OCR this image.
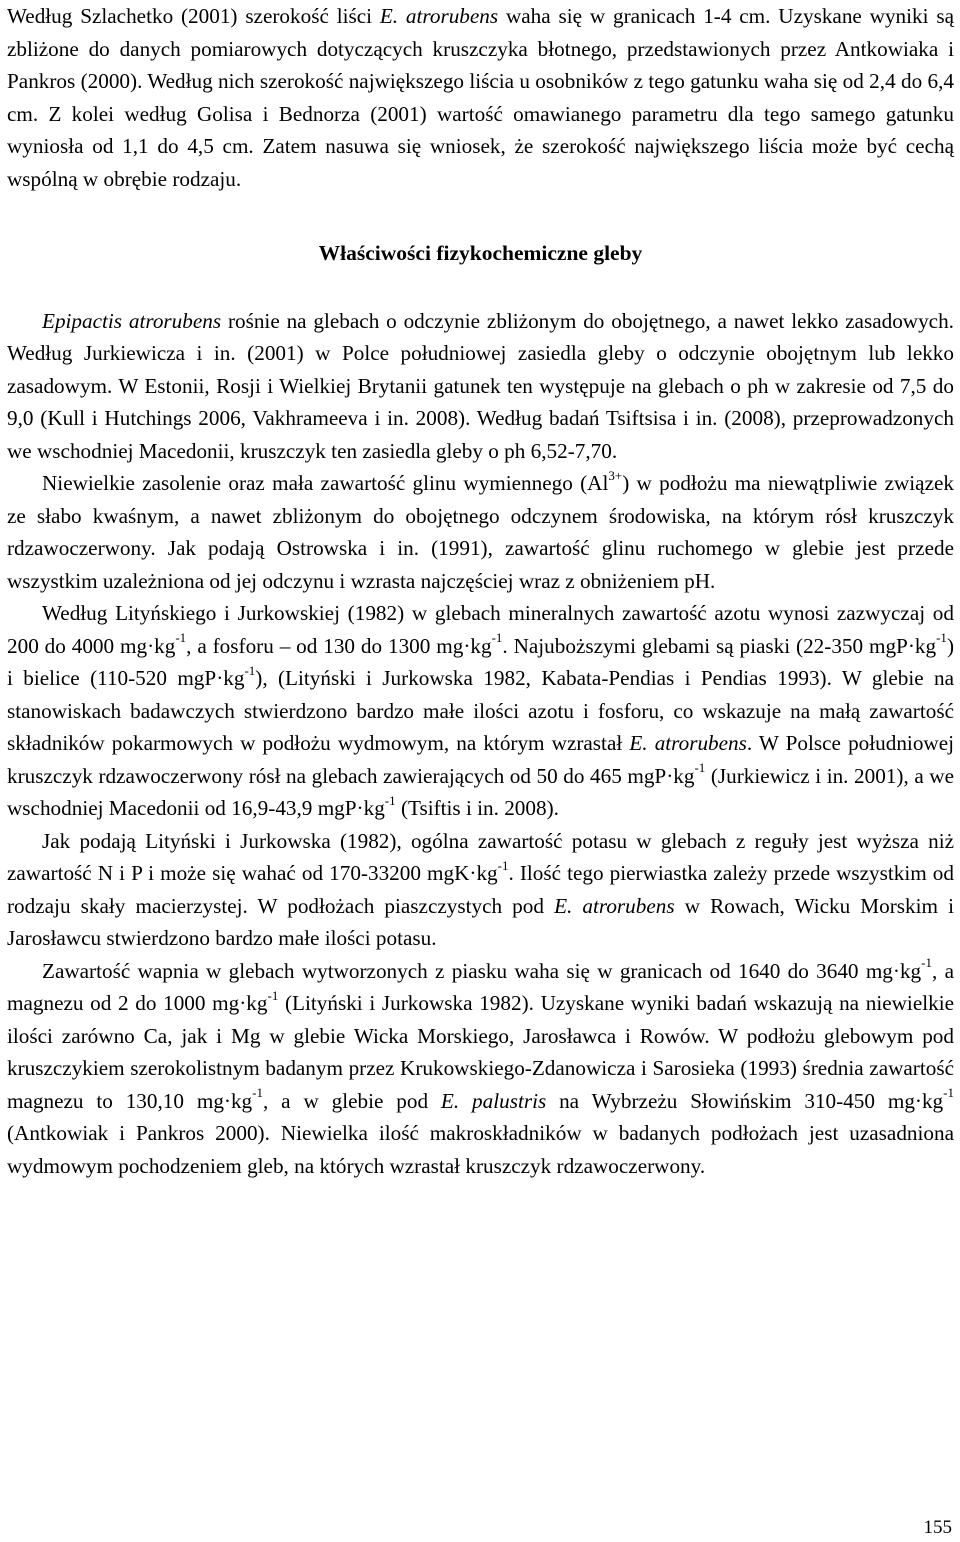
Według Szlachetko (2001) szerokość liści E. atrorubens waha się w granicach 1-4 cm. Uzyskane wyniki są zbliżone do danych pomiarowych dotyczących kruszczyka błotnego, przedstawionych przez Antkowiaka i Pankros (2000). Według nich szerokość największego liścia u osobników z tego gatunku waha się od 2,4 do 6,4 cm. Z kolei według Golisa i Bednorza (2001) wartość omawianego parametru dla tego samego gatunku wyniosła od 1,1 do 4,5 cm. Zatem nasuwa się wniosek, że szerokość największego liścia może być cechą wspólną w obrębie rodzaju.

Właściwości fizykochemiczne gleby

Epipactis atrorubens rośnie na glebach o odczynie zbliżonym do obojętnego, a nawet lekko zasadowych. Według Jurkiewicza i in. (2001) w Polce południowej zasiedla gleby o odczynie obojętnym lub lekko zasadowym. W Estonii, Rosji i Wielkiej Brytanii gatunek ten występuje na glebach o ph w zakresie od 7,5 do 9,0 (Kull i Hutchings 2006, Vakhrameeva i in. 2008). Według badań Tsiftsisa i in. (2008), przeprowadzonych we wschodniej Macedonii, kruszczyk ten zasiedla gleby o ph 6,52-7,70.

Niewielkie zasolenie oraz mała zawartość glinu wymiennego $(Al^{3+})$ w podłożu ma niewątpliwie związek ze słabo kwaśnym, a nawet zbliżonym do obojętnego odczynem środowiska, na którym rósł kruszczyk rdzawoczerwony. Jak podają Ostrowska i in. (1991), zawartość glinu ruchomego w glebie jest przede wszystkim uzależniona od jej odczynu i wzrasta najczęściej wraz z obniżeniem pH.

Według Lityńskiego i Jurkowskiej (1982) w glebach mineralnych zawartość azotu wynosi zazwyczaj od 200 do 4000 $mg\cdot kg^{-1}$, a fosforu – od 130 do 1300 $mg\cdot kg^{-1}$. Najuboższymi glebami są piaski (22-350 $mgP\cdot kg^{-1}$) i bielice (110-520 $mgP\cdot kg^{-1}$), (Lityński i Jurkowska 1982, Kabata-Pendias i Pendias 1993). W glebie na stanowiskach badawczych stwierdzono bardzo małe ilości azotu i fosforu, co wskazuje na małą zawartość składników pokarmowych w podłożu wydmowym, na którym wzrastał E. atrorubens. W Polsce południowej kruszczyk rdzawoczerwony rósł na glebach zawierających od 50 do 465 $mgP\cdot kg^{-1}$ (Jurkiewicz i in. 2001), a we wschodniej Macedonii od 16,9-43,9 $mgP\cdot kg^{-1}$ (Tsiftis i in. 2008).

Jak podają Lityński i Jurkowska (1982), ogólna zawartość potasu w glebach z reguły jest wyższa niż zawartość N i P i może się wahać od 170-33200 $mgK\cdot kg^{-1}$. Ilość tego pierwiastka zależy przede wszystkim od rodzaju skały macierzystej. W podłożach piaszczystych pod E. atrorubens w Rowach, Wicku Morskim i Jarosławcu stwierdzono bardzo małe ilości potasu.

Zawartość wapnia w glebach wytworzonych z piasku waha się w granicach od 1640 do 3640 $mg\cdot kg^{-1}$, a magnezu od 2 do 1000 $mg\cdot kg^{-1}$ (Lityński i Jurkowska 1982). Uzyskane wyniki badań wskazują na niewielkie ilości zarówno Ca, jak i Mg w glebie Wicka Morskiego, Jarosławca i Rowów. W podłożu glebowym pod kruszczykiem szerokolistnym badanym przez Krukowskiego-Zdanowicza i Sarosieka (1993) średnia zawartość magnezu to 130,10 $mg\cdot kg^{-1}$, a w glebie pod E. palustris na Wybrzeżu Słowińskim 310-450 $mg\cdot kg^{-1}$ (Antkowiak i Pankros 2000). Niewielka ilość makroskładników w badanych podłożach jest uzasadniona wydmowym pochodzeniem gleb, na których wzrastał kruszczyk rdzawoczerwony.

155
